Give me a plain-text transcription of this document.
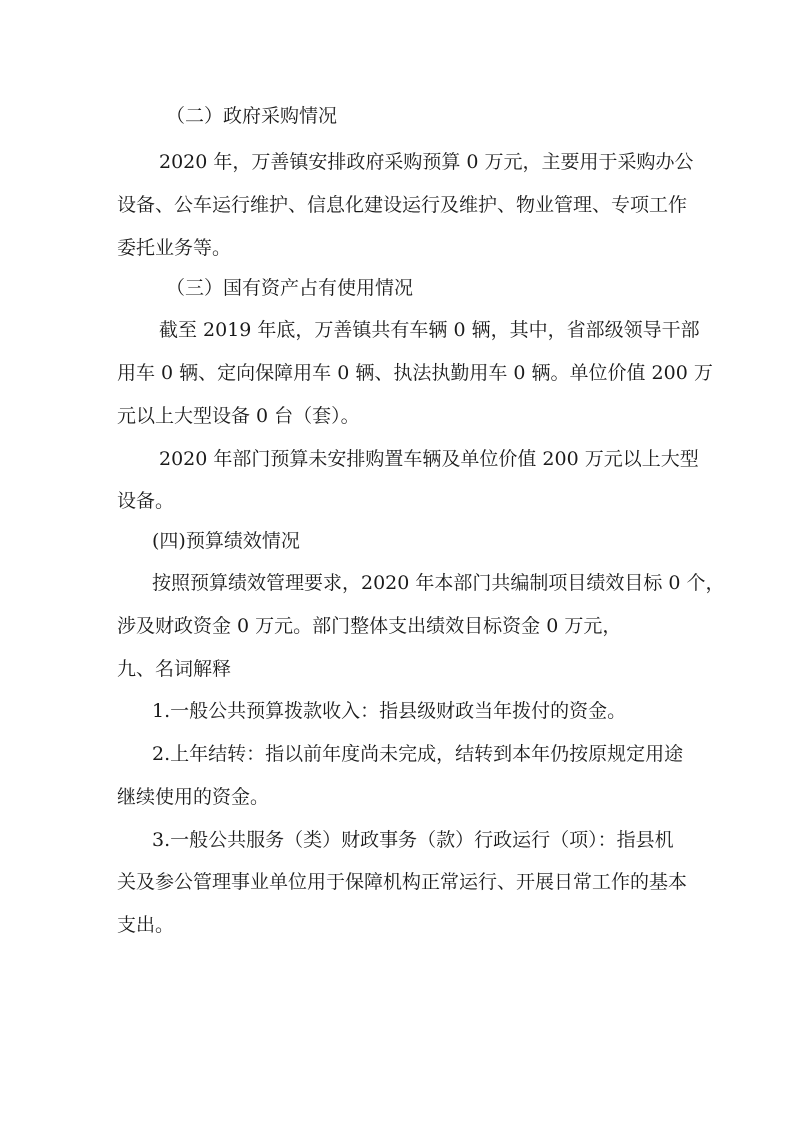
（二）政府采购情况
2020 年，万善镇安排政府采购预算 0 万元，主要用于采购办公
设备、公车运行维护、信息化建设运行及维护、物业管理、专项工作
委托业务等。
（三）国有资产占有使用情况
截至 2019 年底，万善镇共有车辆 0 辆，其中，省部级领导干部
用车 0 辆、定向保障用车 0 辆、执法执勤用车 0 辆。单位价值 200 万
元以上大型设备 0 台（套）。
2020 年部门预算未安排购置车辆及单位价值 200 万元以上大型
设备。
(四)预算绩效情况
按照预算绩效管理要求，2020 年本部门共编制项目绩效目标 0 个，
涉及财政资金 0 万元。部门整体支出绩效目标资金 0 万元，
九、名词解释
1.一般公共预算拨款收入：指县级财政当年拨付的资金。
2.上年结转：指以前年度尚未完成，结转到本年仍按原规定用途
继续使用的资金。
3.一般公共服务（类）财政事务（款）行政运行（项）：指县机
关及参公管理事业单位用于保障机构正常运行、开展日常工作的基本
支出。
